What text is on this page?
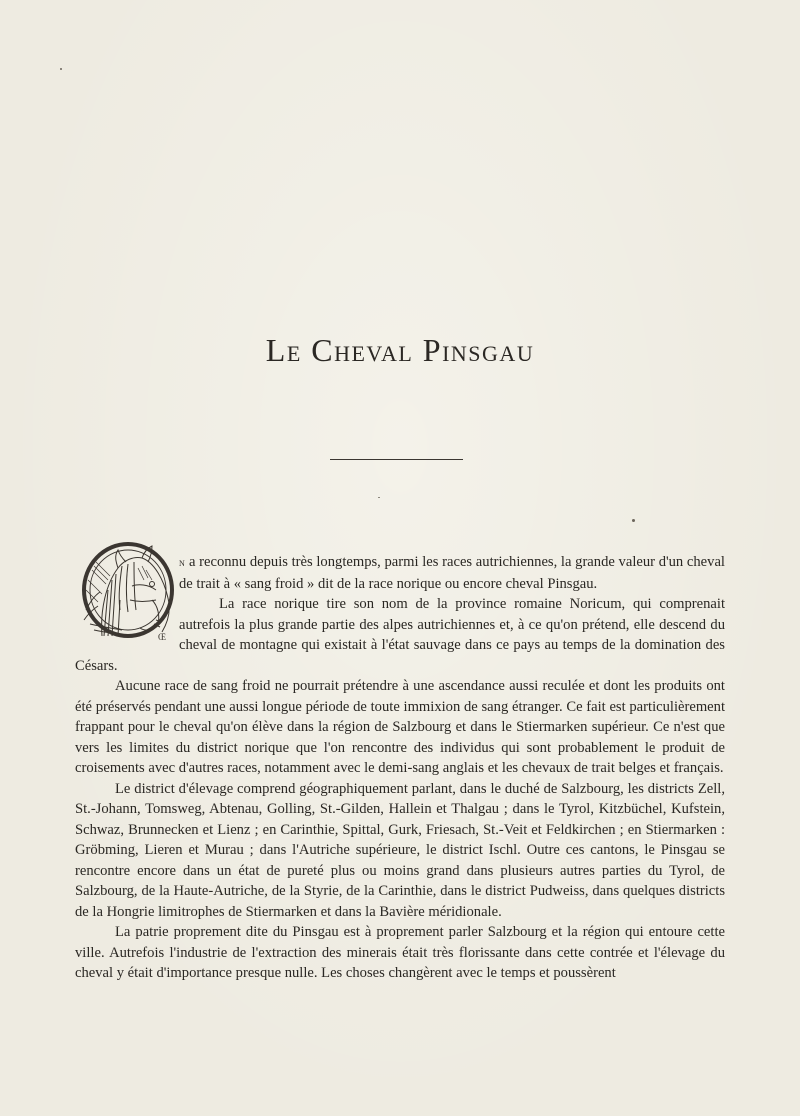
Le Cheval Pinsgau
Œ

n a reconnu depuis très longtemps, parmi les races autrichiennes, la grande valeur d'un cheval de trait à « sang froid » dit de la race norique ou encore cheval Pinsgau.

La race norique tire son nom de la province romaine Noricum, qui comprenait autrefois la plus grande partie des alpes autrichiennes et, à ce qu'on prétend, elle descend du cheval de montagne qui existait à l'état sauvage dans ce pays au temps de la domination des Césars.

Aucune race de sang froid ne pourrait prétendre à une ascendance aussi reculée et dont les produits ont été préservés pendant une aussi longue période de toute immixion de sang étranger. Ce fait est particulièrement frappant pour le cheval qu'on élève dans la région de Salzbourg et dans le Stiermarken supérieur. Ce n'est que vers les limites du district norique que l'on rencontre des individus qui sont probablement le produit de croisements avec d'autres races, notamment avec le demi-sang anglais et les chevaux de trait belges et français.

Le district d'élevage comprend géographiquement parlant, dans le duché de Salzbourg, les districts Zell, St.-Johann, Tomsweg, Abtenau, Golling, St.-Gilden, Hallein et Thalgau ; dans le Tyrol, Kitzbüchel, Kufstein, Schwaz, Brunnecken et Lienz ; en Carinthie, Spittal, Gurk, Friesach, St.-Veit et Feldkirchen ; en Stiermarken : Gröbming, Lieren et Murau ; dans l'Autriche supérieure, le district Ischl. Outre ces cantons, le Pinsgau se rencontre encore dans un état de pureté plus ou moins grand dans plusieurs autres parties du Tyrol, de Salzbourg, de la Haute-Autriche, de la Styrie, de la Carinthie, dans le district Pudweiss, dans quelques districts de la Hongrie limitrophes de Stiermarken et dans la Bavière méridionale.

La patrie proprement dite du Pinsgau est à proprement parler Salzbourg et la région qui entoure cette ville. Autrefois l'industrie de l'extraction des minerais était très florissante dans cette contrée et l'élevage du cheval y était d'importance presque nulle. Les choses changèrent avec le temps et poussèrent
